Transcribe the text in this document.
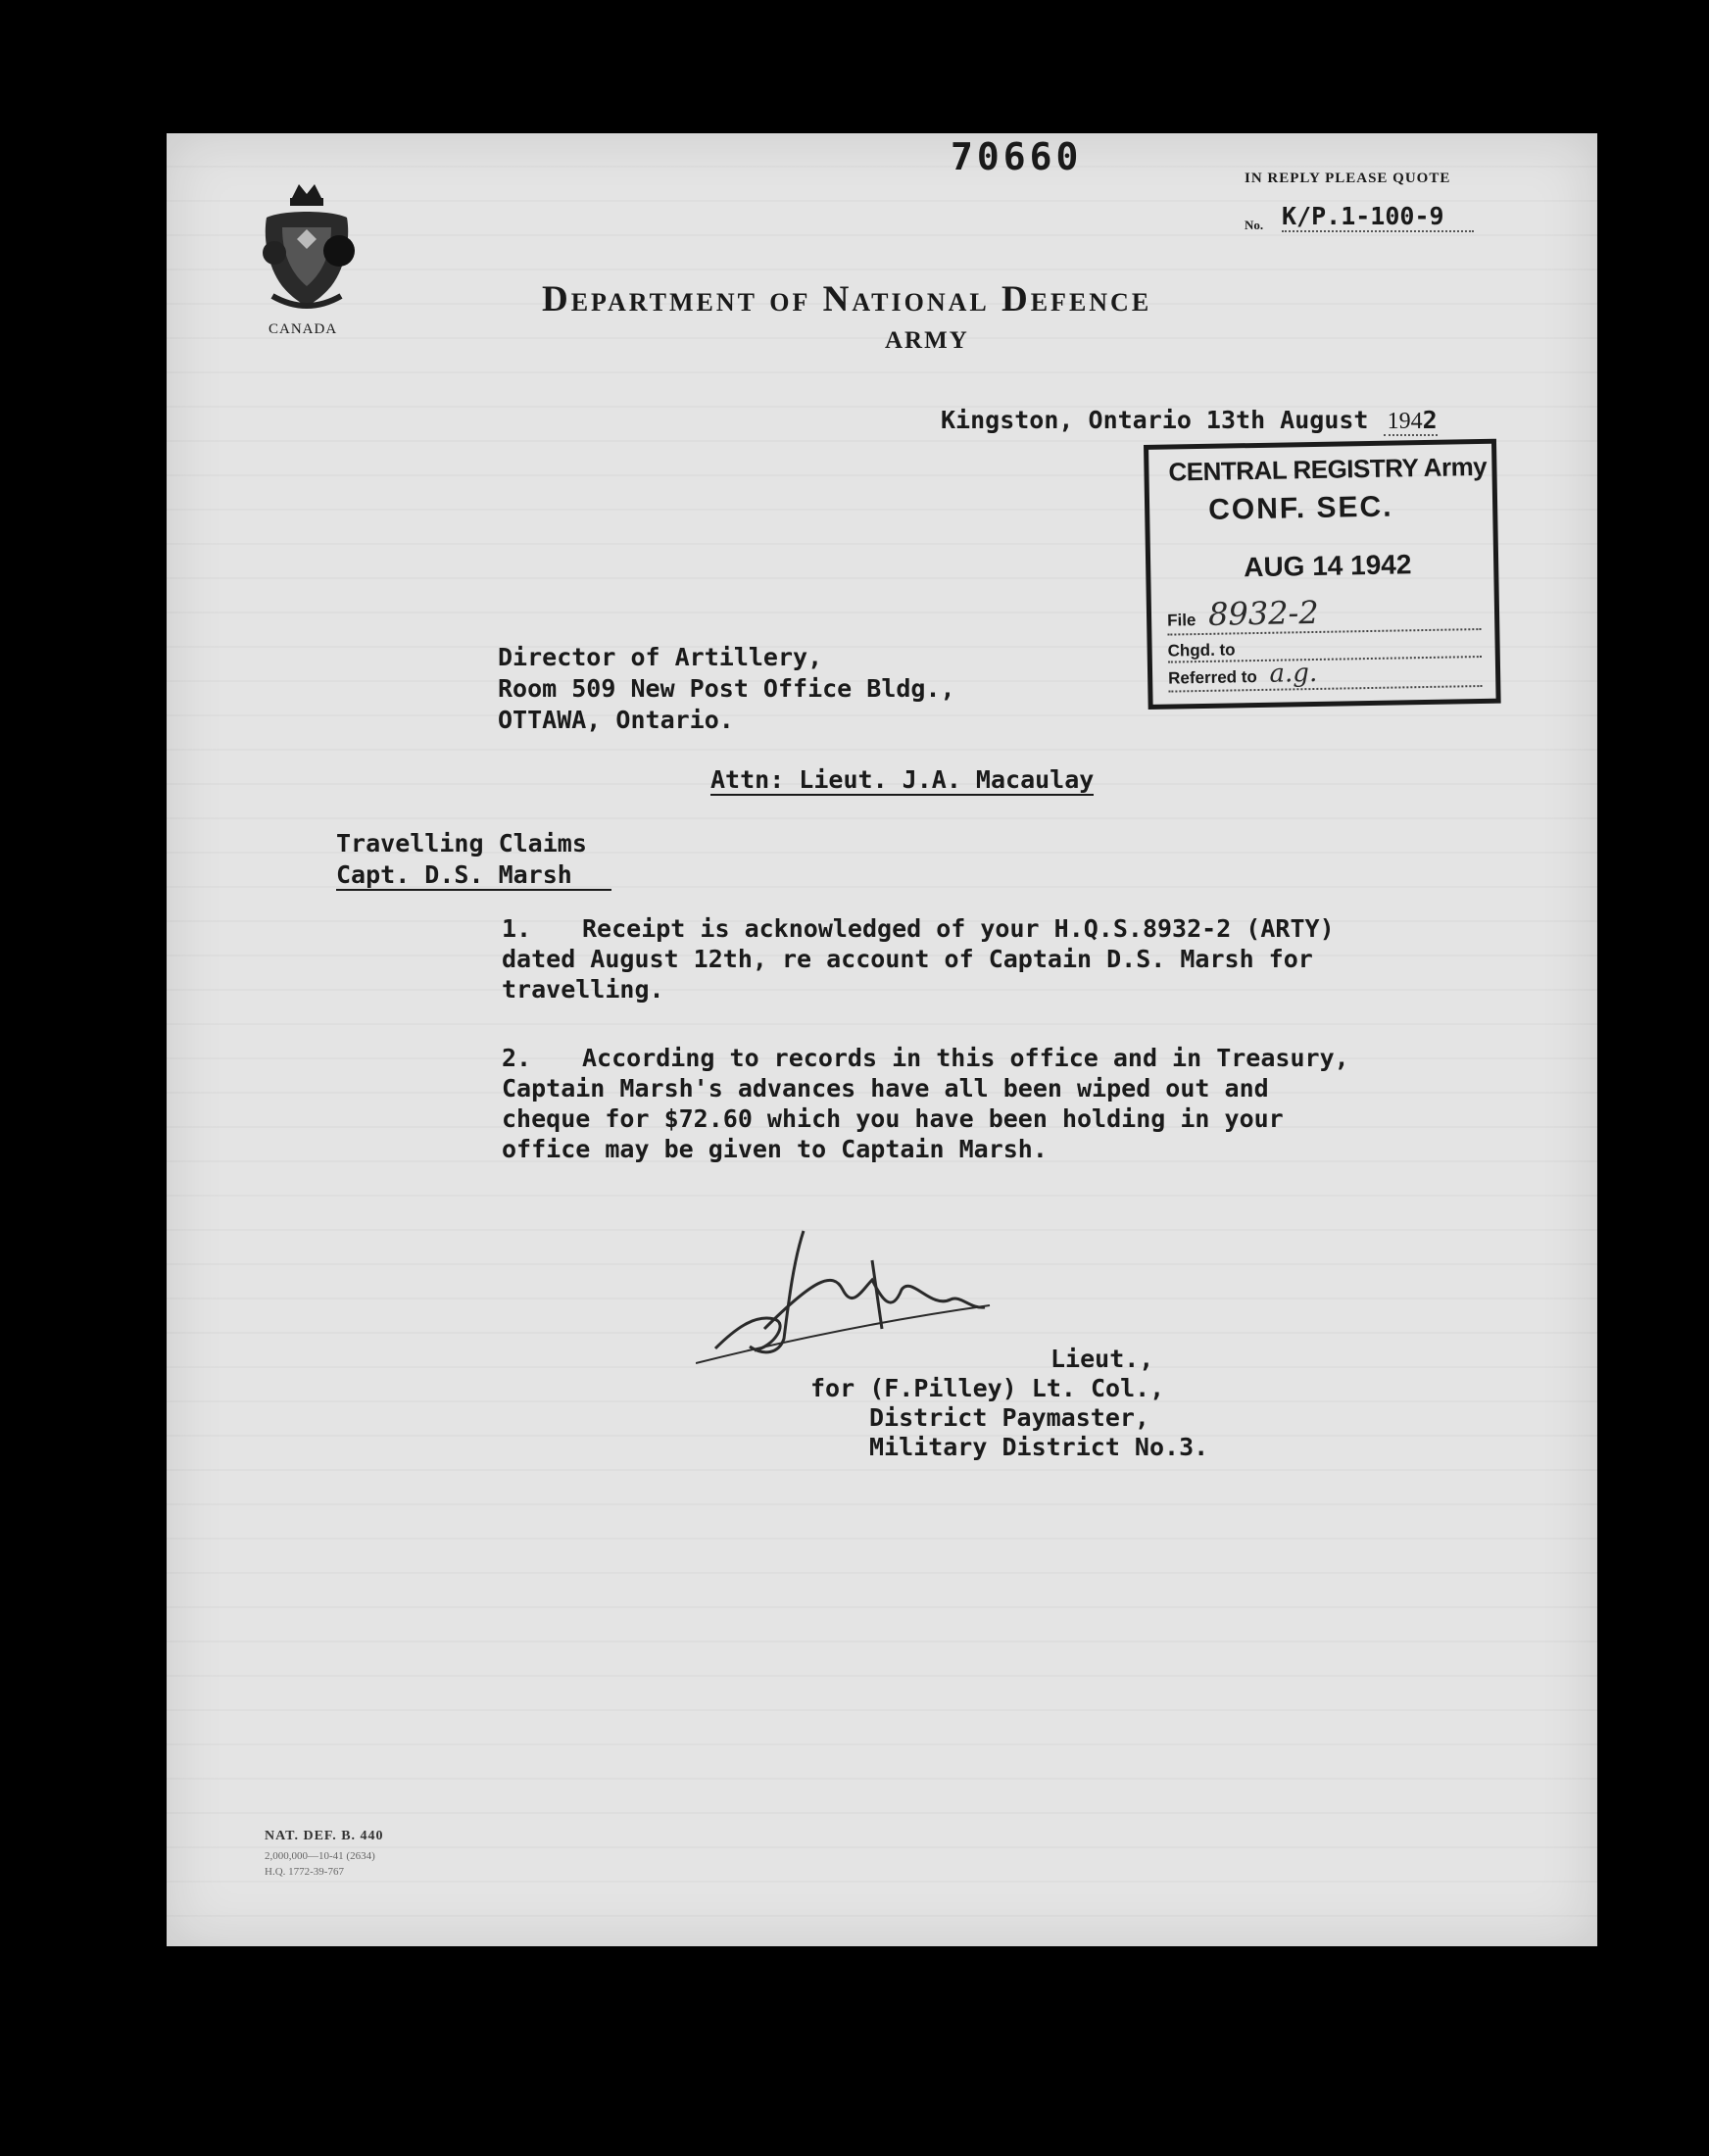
70660	IN REPLY PLEASE QUOTE
No. K/P.1-100-9
CANADA
Department of National Defence
ARMY
Kingston, Ontario 13th August 1942
CENTRAL REGISTRY Army
CONF. SEC.
AUG 14 1942
File 8932-2
Chgd. to
Referred to a.g.
Director of Artillery,
Room 509 New Post Office Bldg.,
OTTAWA, Ontario.
Attn: Lieut. J.A. Macaulay
Travelling Claims
Capt. D.S. Marsh
1. Receipt is acknowledged of your H.Q.S.8932-2 (ARTY)
dated August 12th, re account of Captain D.S. Marsh for
travelling.
2. According to records in this office and in Treasury,
Captain Marsh's advances have all been wiped out and
cheque for $72.60 which you have been holding in your
office may be given to Captain Marsh.
Watson	Lieut.,
for (F.Pilley) Lt. Col.,
District Paymaster,
Military District No.3.
NAT. DEF. B. 440
2,000,000—10-41 (2634)
H.Q. 1772-39-767
